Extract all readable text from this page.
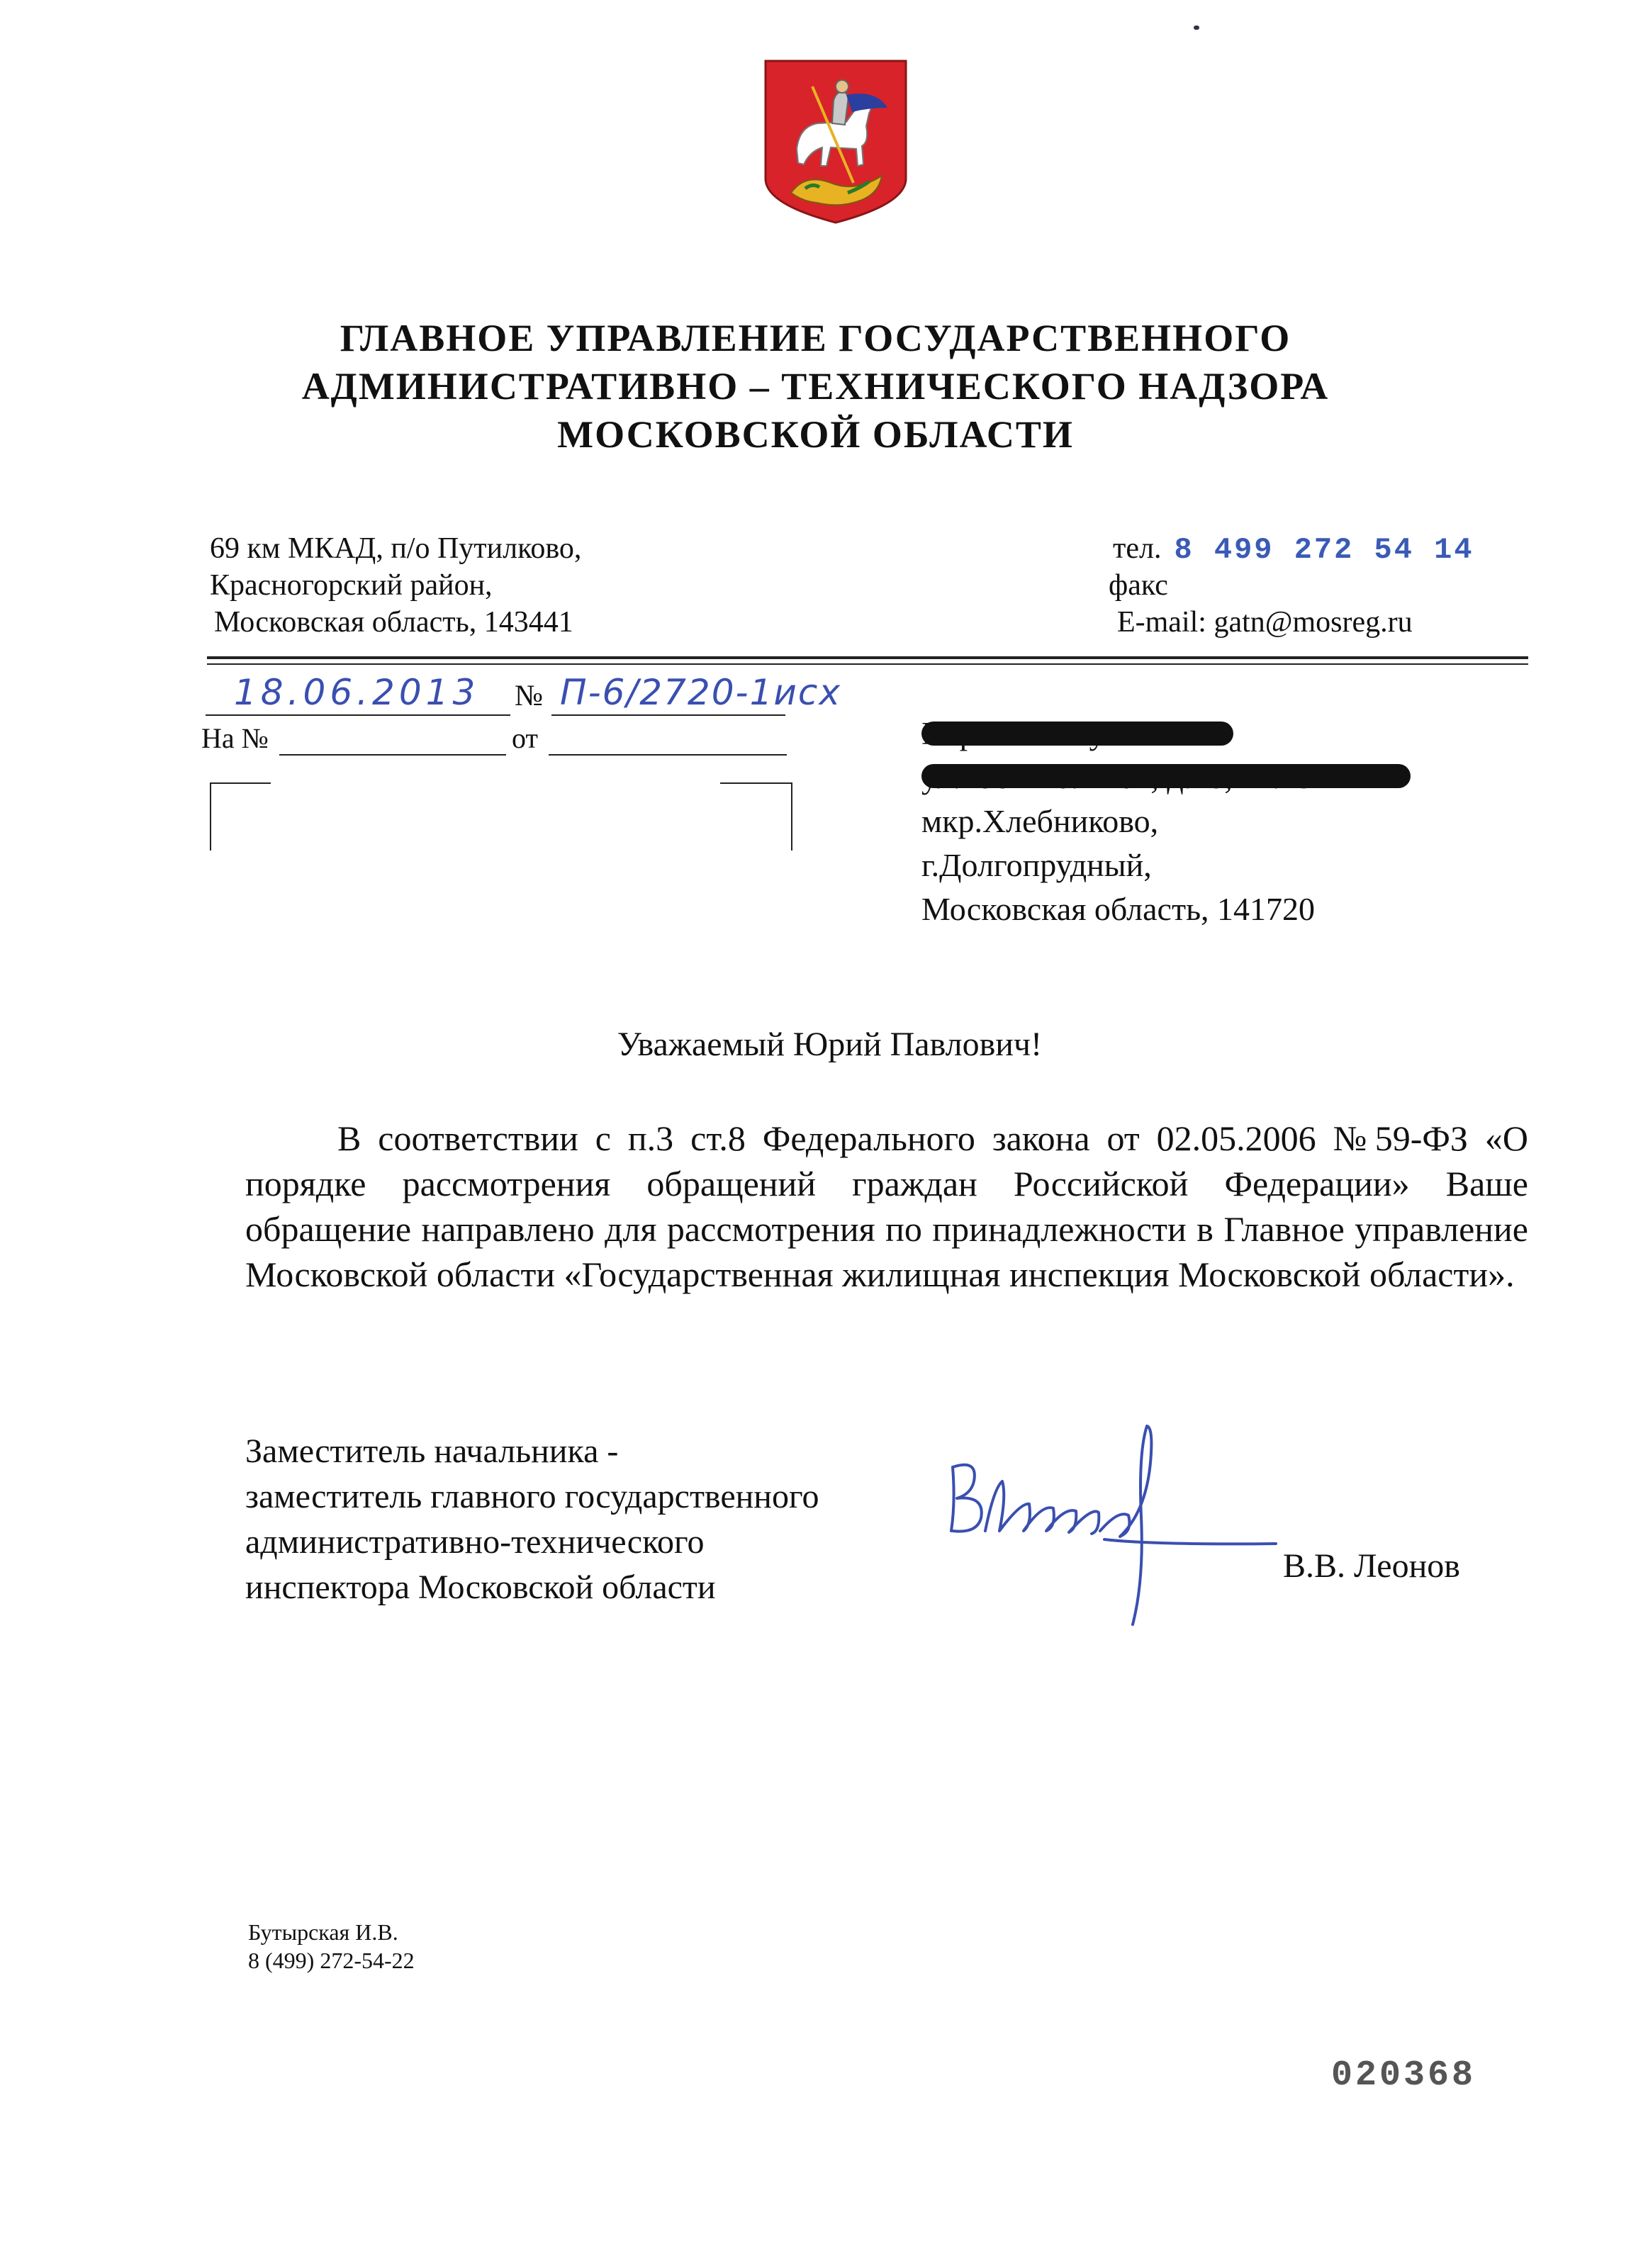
ГЛАВНОЕ УПРАВЛЕНИЕ ГОСУДАРСТВЕННОГО
АДМИНИСТРАТИВНО – ТЕХНИЧЕСКОГО НАДЗОРА
МОСКОВСКОЙ ОБЛАСТИ
69 км МКАД, п/о Путилково,
Красногорский район,
Московская область, 143441
тел. 8 499 272 54 14
факс
E-mail: gatn@mosreg.ru
18.06.2013 № П-6/2720-1исх
На №	от
мкр.Хлебниково,
г.Долгопрудный,
Московская область, 141720
Уважаемый Юрий Павлович!
В соответствии с п.3 ст.8 Федерального закона от 02.05.2006 №59-ФЗ «О порядке рассмотрения обращений граждан Российской Федерации» Ваше обращение направлено для рассмотрения по принадлежности в Главное управление Московской области «Государственная жилищная инспекция Московской области».
Заместитель начальника -
заместитель главного государственного
административно-технического
инспектора Московской области
В.В. Леонов
Бутырская И.В.
8 (499) 272-54-22
020368
